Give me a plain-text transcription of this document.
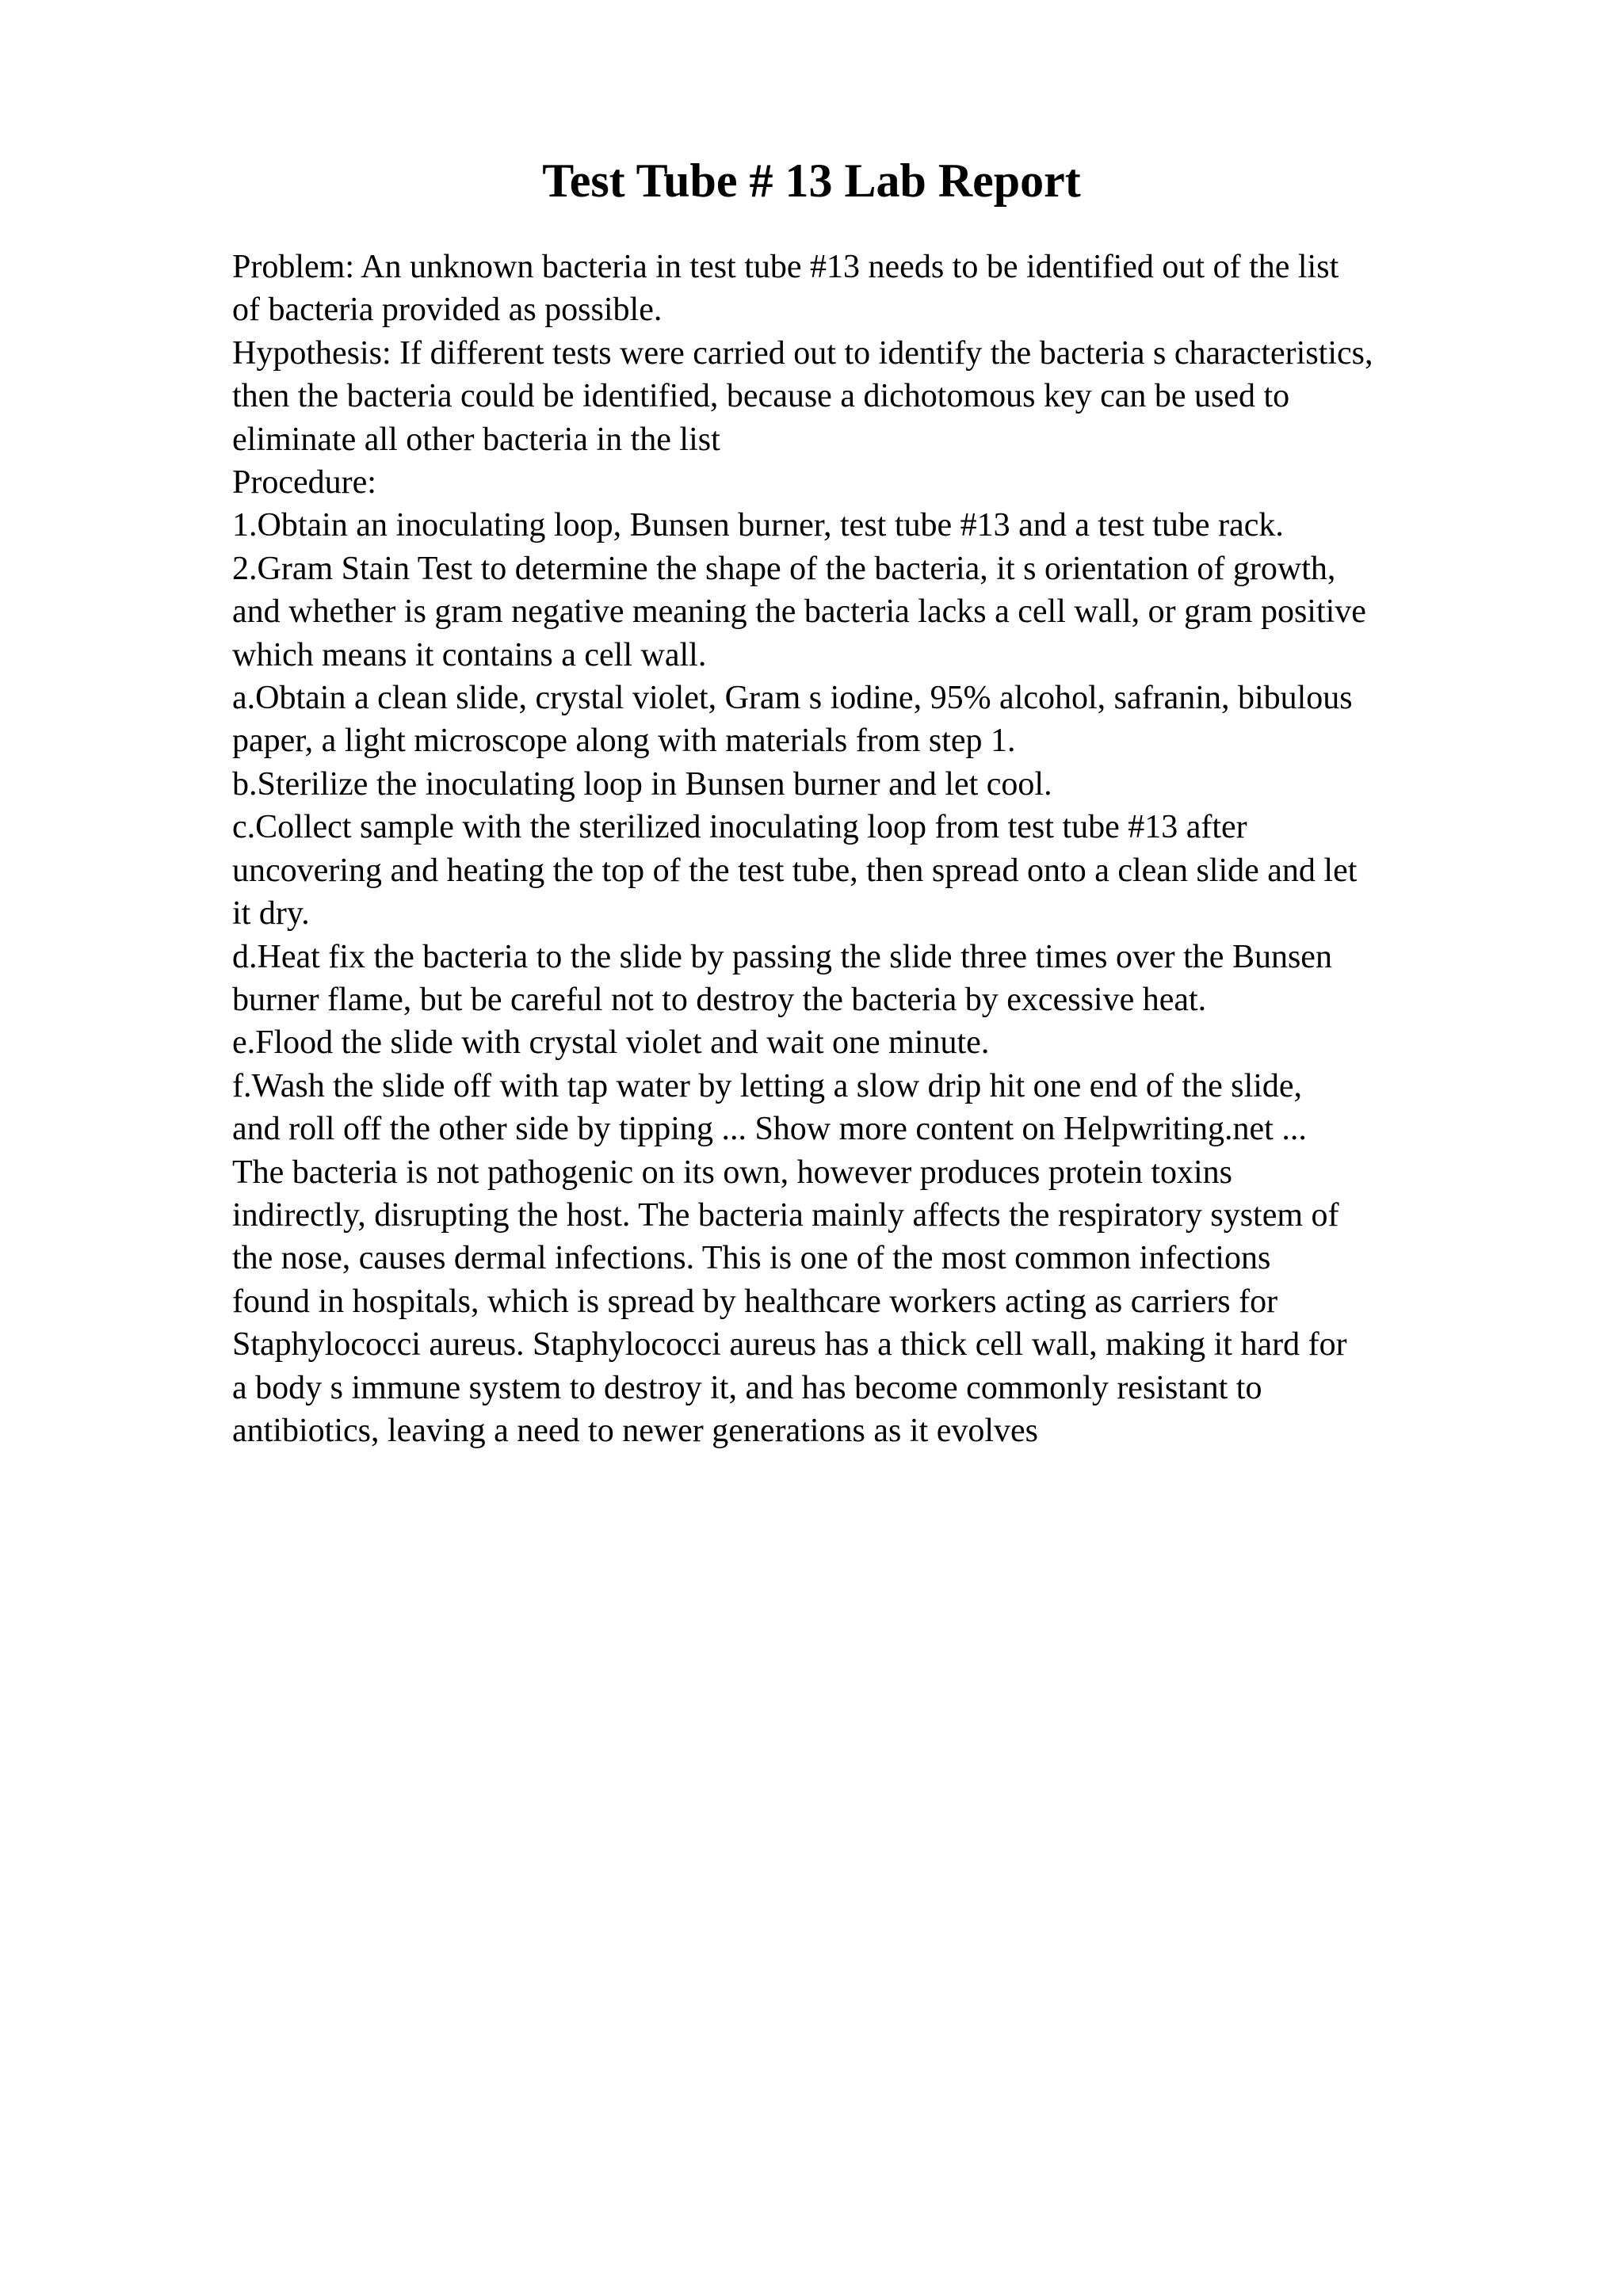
Test Tube # 13 Lab Report
Problem: An unknown bacteria in test tube #13 needs to be identified out of the list
of bacteria provided as possible.
Hypothesis: If different tests were carried out to identify the bacteria s characteristics,
then the bacteria could be identified, because a dichotomous key can be used to
eliminate all other bacteria in the list
Procedure:
1.Obtain an inoculating loop, Bunsen burner, test tube #13 and a test tube rack.
2.Gram Stain Test to determine the shape of the bacteria, it s orientation of growth,
and whether is gram negative meaning the bacteria lacks a cell wall, or gram positive
which means it contains a cell wall.
a.Obtain a clean slide, crystal violet, Gram s iodine, 95% alcohol, safranin, bibulous
paper, a light microscope along with materials from step 1.
b.Sterilize the inoculating loop in Bunsen burner and let cool.
c.Collect sample with the sterilized inoculating loop from test tube #13 after
uncovering and heating the top of the test tube, then spread onto a clean slide and let
it dry.
d.Heat fix the bacteria to the slide by passing the slide three times over the Bunsen
burner flame, but be careful not to destroy the bacteria by excessive heat.
e.Flood the slide with crystal violet and wait one minute.
f.Wash the slide off with tap water by letting a slow drip hit one end of the slide,
and roll off the other side by tipping ... Show more content on Helpwriting.net ...
The bacteria is not pathogenic on its own, however produces protein toxins
indirectly, disrupting the host. The bacteria mainly affects the respiratory system of
the nose, causes dermal infections. This is one of the most common infections
found in hospitals, which is spread by healthcare workers acting as carriers for
Staphylococci aureus. Staphylococci aureus has a thick cell wall, making it hard for
a body s immune system to destroy it, and has become commonly resistant to
antibiotics, leaving a need to newer generations as it evolves
